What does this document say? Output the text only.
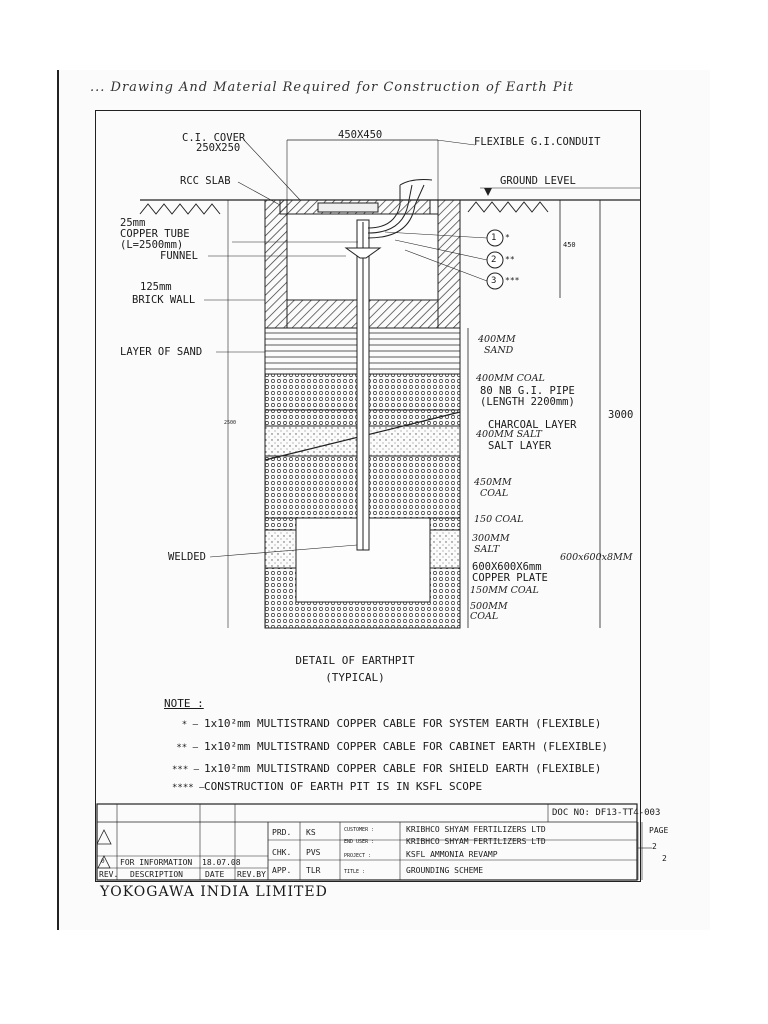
... Drawing And Material Required for Construction of Earth Pit
C.I. COVER
250X250
450X450
FLEXIBLE G.I.CONDUIT
GROUND LEVEL
RCC SLAB
25mm
COPPER TUBE
(L=2500mm)
FUNNEL
125mm
BRICK WALL
LAYER OF SAND
80 NB G.I. PIPE
(LENGTH 2200mm)
CHARCOAL LAYER
SALT LAYER
WELDED
600X600X6mm
COPPER PLATE
450
3000
2500
1 *
2 **
3 ***
400MM
SAND
400MM COAL
400MM SALT
450MM
COAL
150 COAL
300MM
SALT
600x600x8MM
150MM COAL
500MM
COAL
DETAIL OF EARTHPIT
(TYPICAL)
NOTE :
* – 1x10²mm MULTISTRAND COPPER CABLE FOR SYSTEM EARTH (FLEXIBLE)
** – 1x10²mm MULTISTRAND COPPER CABLE FOR CABINET EARTH (FLEXIBLE)
*** – 1x10²mm MULTISTRAND COPPER CABLE FOR SHIELD EARTH (FLEXIBLE)
**** –CONSTRUCTION OF EARTH PIT IS IN KSFL SCOPE
DOC NO: DF13-TT4-003
PRD. KS
CHK. PVS
APP. TLR
CUSTOMER :	KRIBHCO SHYAM FERTILIZERS LTD
END USER :	KRIBHCO SHYAM FERTILIZERS LTD
PROJECT :	KSFL AMMONIA REVAMP
TITLE :	GROUNDING SCHEME
PAGE
2
2
0 FOR INFORMATION 18.07.08
REV. DESCRIPTION	DATE REV.BY
YOKOGAWA INDIA LIMITED
